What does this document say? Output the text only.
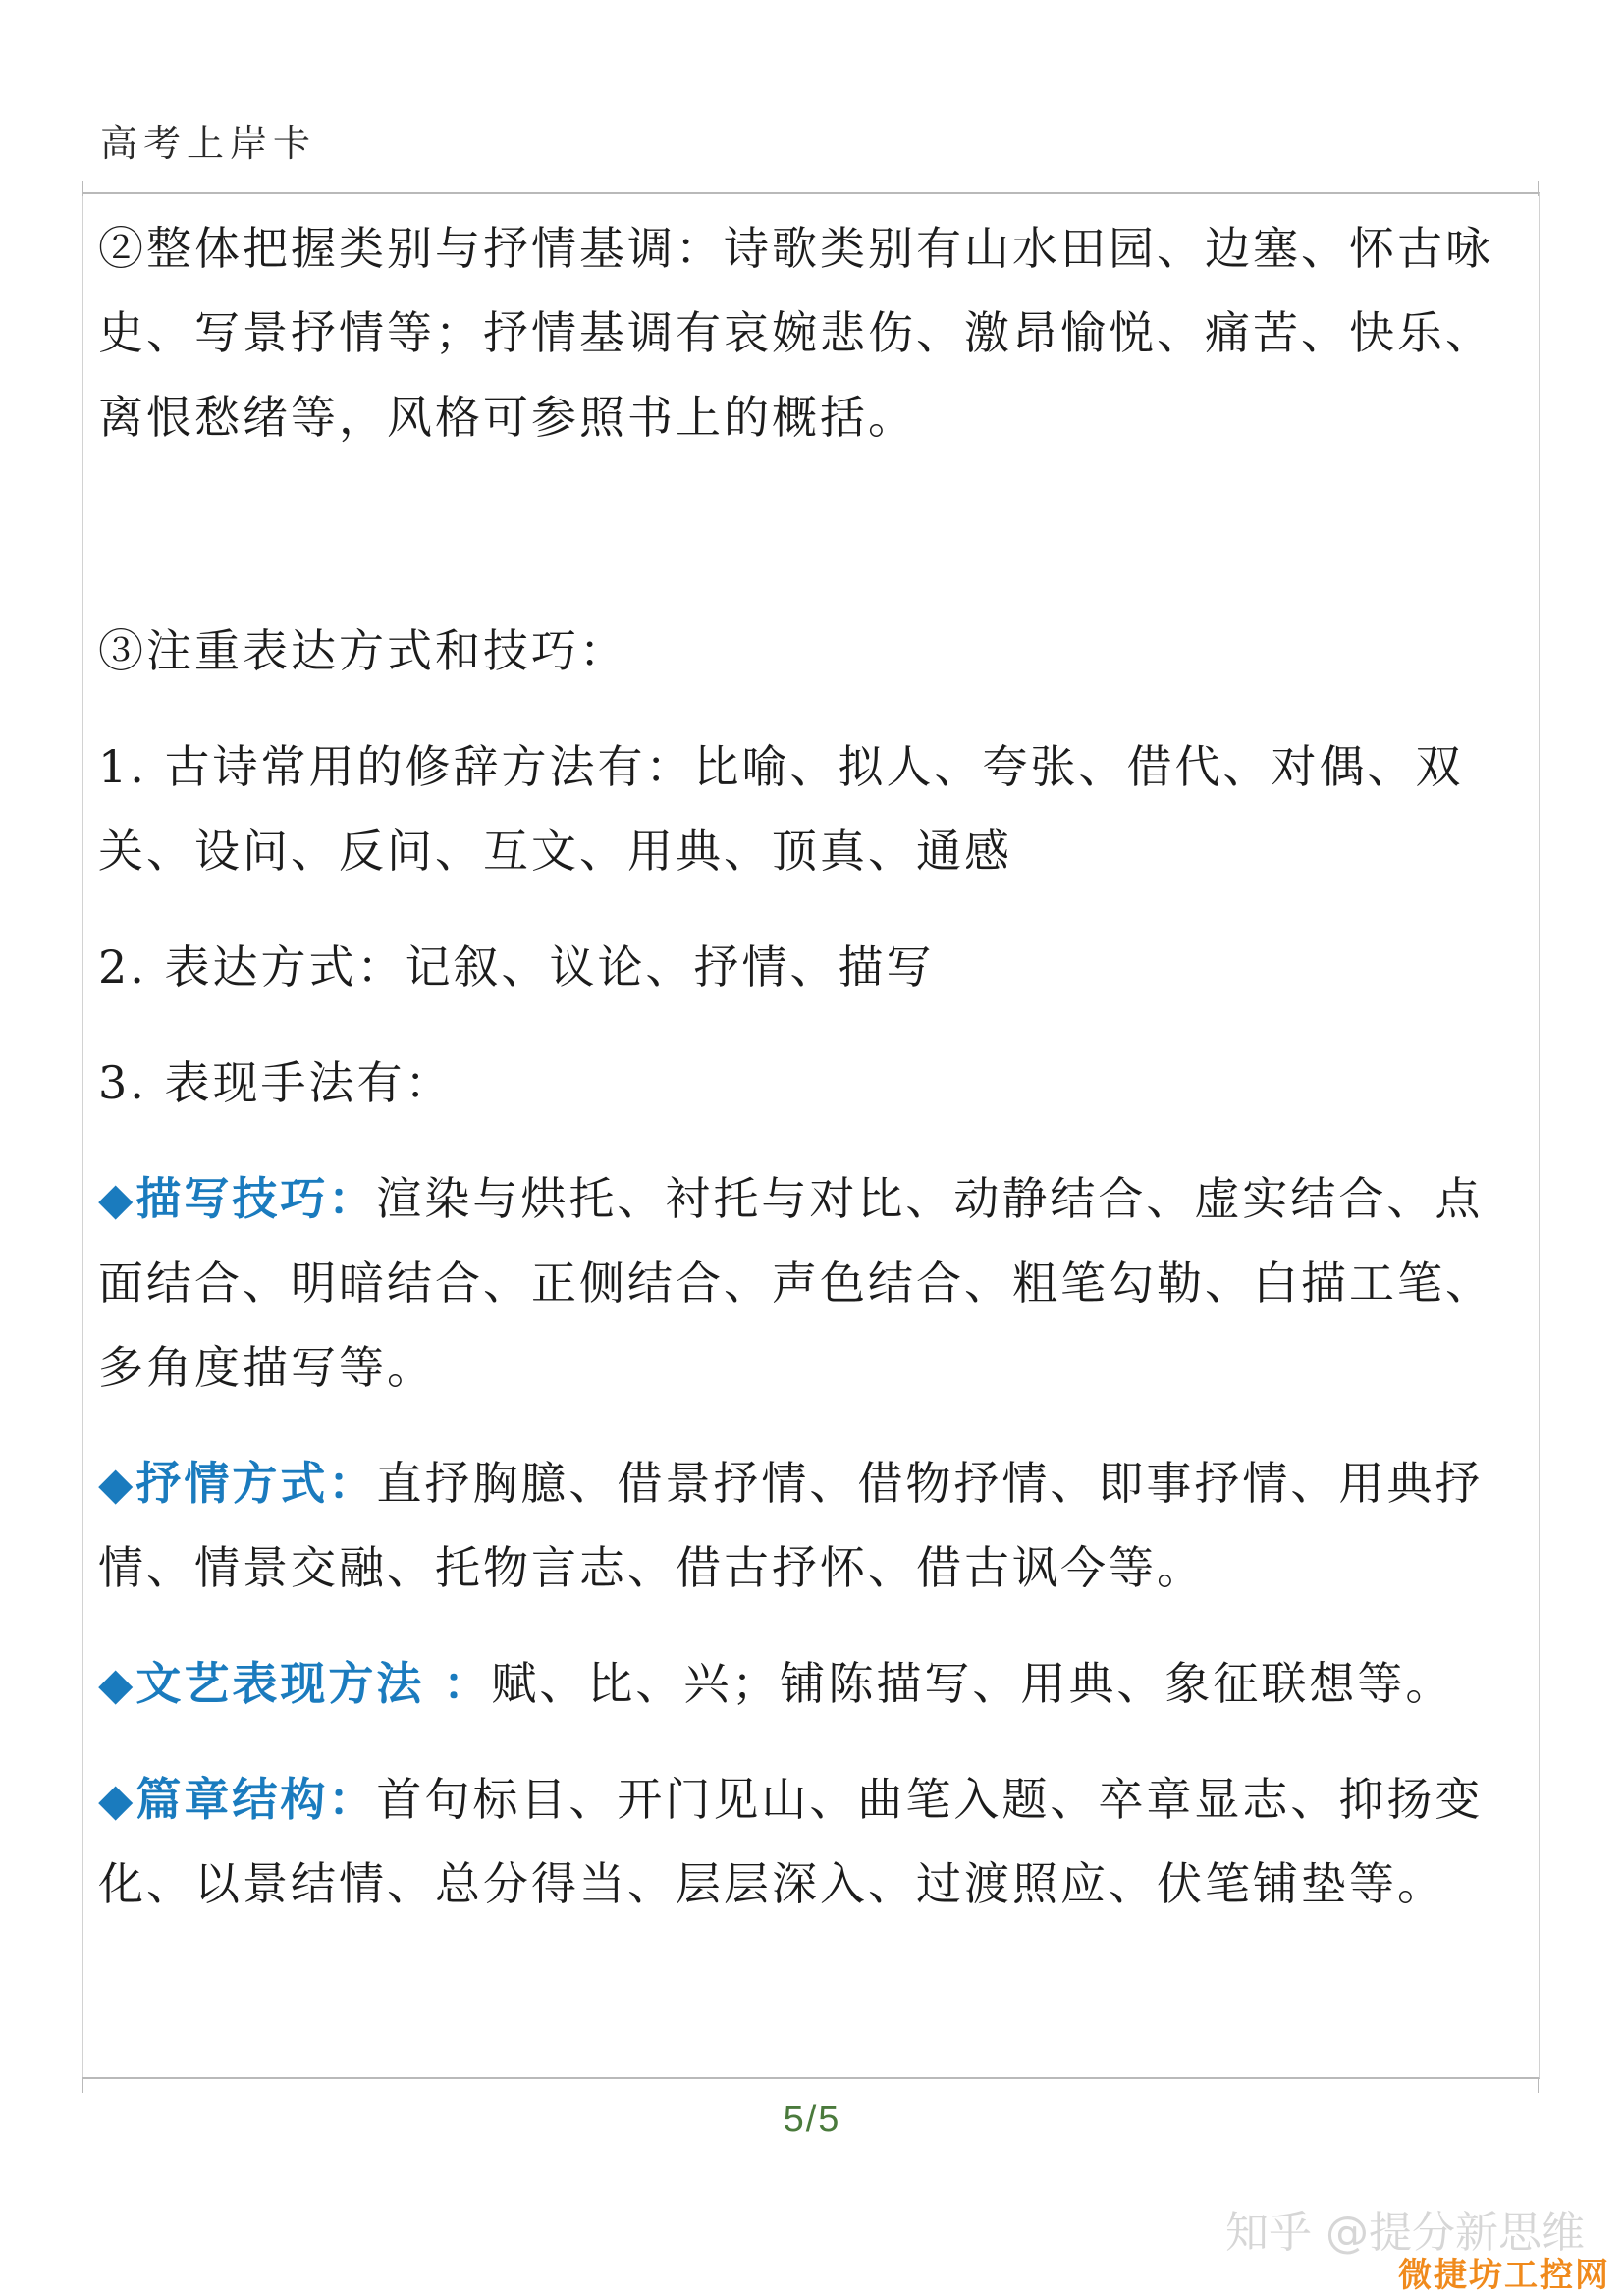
高考上岸卡

②整体把握类别与抒情基调：诗歌类别有山水田园、边塞、怀古咏史、写景抒情等；抒情基调有哀婉悲伤、激昂愉悦、痛苦、快乐、离恨愁绪等，风格可参照书上的概括。

③注重表达方式和技巧：

1. 古诗常用的修辞方法有：比喻、拟人、夸张、借代、对偶、双关、设问、反问、互文、用典、顶真、通感

2. 表达方式：记叙、议论、抒情、描写

3. 表现手法有：

◆描写技巧：渲染与烘托、衬托与对比、动静结合、虚实结合、点面结合、明暗结合、正侧结合、声色结合、粗笔勾勒、白描工笔、多角度描写等。

◆抒情方式：直抒胸臆、借景抒情、借物抒情、即事抒情、用典抒情、情景交融、托物言志、借古抒怀、借古讽今等。

◆文艺表现方法 ：赋、比、兴；铺陈描写、用典、象征联想等。

◆篇章结构：首句标目、开门见山、曲笔入题、卒章显志、抑扬变化、以景结情、总分得当、层层深入、过渡照应、伏笔铺垫等。

5/5
知乎 @提分新思维
微捷坊工控网
